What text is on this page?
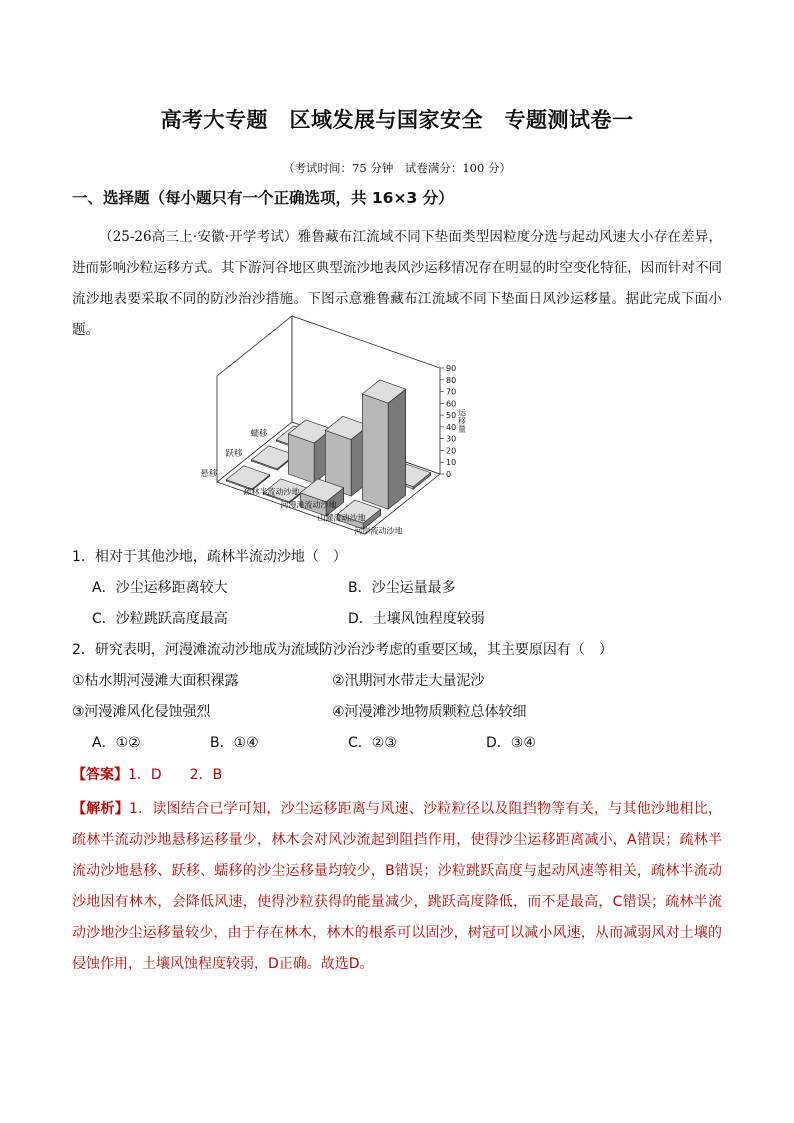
高考大专题　区域发展与国家安全　专题测试卷一
（考试时间：75 分钟　试卷满分：100 分）
一、选择题（每小题只有一个正确选项，共 16×3 分）
（25-26高三上·安徽·开学考试）雅鲁藏布江流域不同下垫面类型因粒度分选与起动风速大小存在差异，进而影响沙粒运移方式。其下游河谷地区典型流沙地表风沙运移情况存在明显的时空变化特征，因而针对不同流沙地表要采取不同的防沙治沙措施。下图示意雅鲁藏布江流域不同下垫面日风沙运移量。据此完成下面小题。
0
10
20
30
40
50
60
70
80
90
运移量
蠕移
跃移
悬移
河岸流动沙地
山麓流动沙地
河漫滩流动沙地
疏林半流动沙地
1．相对于其他沙地，疏林半流动沙地（　）
A．沙尘运移距离较大	B．沙尘运量最多
C．沙粒跳跃高度最高	D．土壤风蚀程度较弱
2．研究表明，河漫滩流动沙地成为流域防沙治沙考虑的重要区域，其主要原因有（　）
①枯水期河漫滩大面积裸露	②汛期河水带走大量泥沙
③河漫滩风化侵蚀强烈	④河漫滩沙地物质颗粒总体较细
A．①②	B．①④	C．②③	D．③④
【答案】1．D　　2．B
【解析】1．读图结合已学可知，沙尘运移距离与风速、沙粒粒径以及阻挡物等有关，与其他沙地相比，疏林半流动沙地悬移运移量少，林木会对风沙流起到阻挡作用，使得沙尘运移距离减小，A错误；疏林半流动沙地悬移、跃移、蠕移的沙尘运移量均较少，B错误；沙粒跳跃高度与起动风速等相关，疏林半流动沙地因有林木，会降低风速，使得沙粒获得的能量减少，跳跃高度降低，而不是最高，C错误；疏林半流动沙地沙尘运移量较少，由于存在林木，林木的根系可以固沙，树冠可以减小风速，从而减弱风对土壤的侵蚀作用，土壤风蚀程度较弱，D正确。故选D。
